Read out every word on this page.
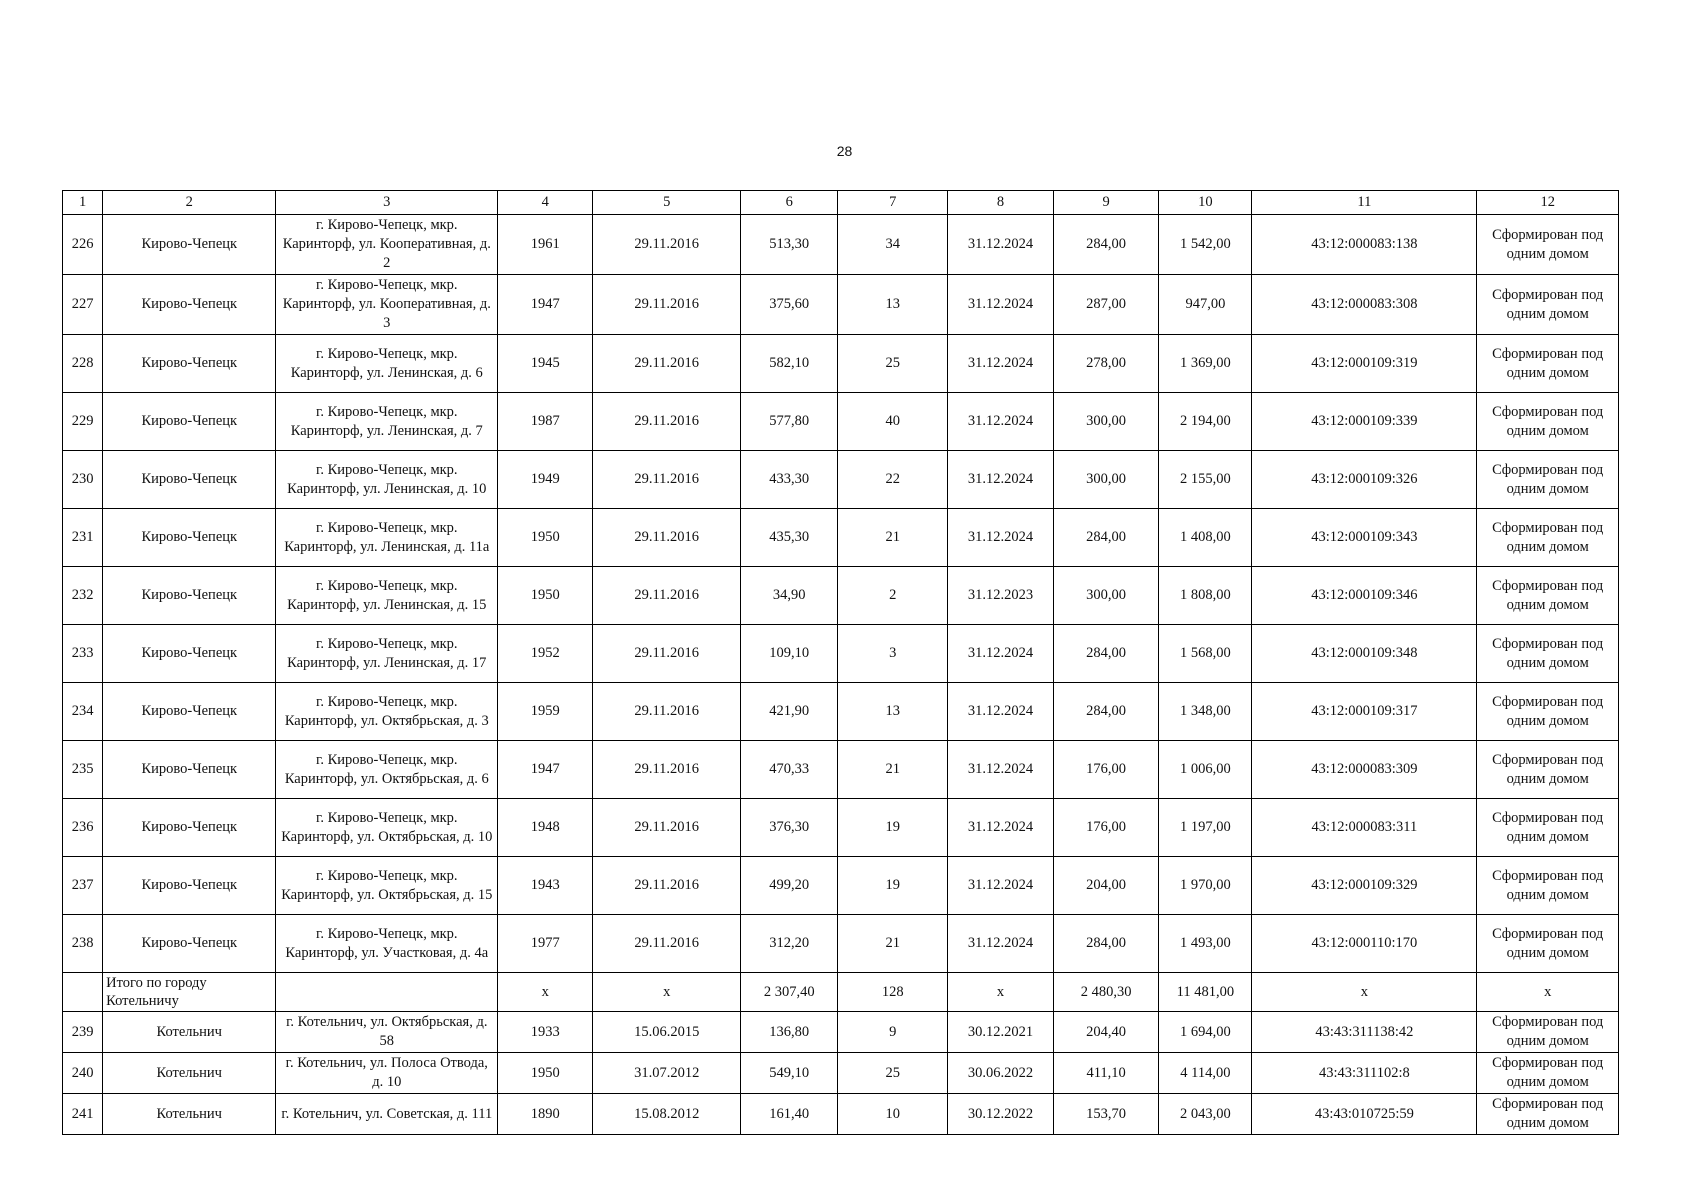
28
1	2	3	4	5	6	7	8	9	10	11	12
226	Кирово-Чепецк	г. Кирово-Чепецк, мкр. Каринторф, ул. Кооперативная, д. 2	1961	29.11.2016	513,30	34	31.12.2024	284,00	1 542,00	43:12:000083:138	Сформирован под одним домом
227	Кирово-Чепецк	г. Кирово-Чепецк, мкр. Каринторф, ул. Кооперативная, д. 3	1947	29.11.2016	375,60	13	31.12.2024	287,00	947,00	43:12:000083:308	Сформирован под одним домом
228	Кирово-Чепецк	г. Кирово-Чепецк, мкр. Каринторф, ул. Ленинская, д. 6	1945	29.11.2016	582,10	25	31.12.2024	278,00	1 369,00	43:12:000109:319	Сформирован под одним домом
229	Кирово-Чепецк	г. Кирово-Чепецк, мкр. Каринторф, ул. Ленинская, д. 7	1987	29.11.2016	577,80	40	31.12.2024	300,00	2 194,00	43:12:000109:339	Сформирован под одним домом
230	Кирово-Чепецк	г. Кирово-Чепецк, мкр. Каринторф, ул. Ленинская, д. 10	1949	29.11.2016	433,30	22	31.12.2024	300,00	2 155,00	43:12:000109:326	Сформирован под одним домом
231	Кирово-Чепецк	г. Кирово-Чепецк, мкр. Каринторф, ул. Ленинская, д. 11а	1950	29.11.2016	435,30	21	31.12.2024	284,00	1 408,00	43:12:000109:343	Сформирован под одним домом
232	Кирово-Чепецк	г. Кирово-Чепецк, мкр. Каринторф, ул. Ленинская, д. 15	1950	29.11.2016	34,90	2	31.12.2023	300,00	1 808,00	43:12:000109:346	Сформирован под одним домом
233	Кирово-Чепецк	г. Кирово-Чепецк, мкр. Каринторф, ул. Ленинская, д. 17	1952	29.11.2016	109,10	3	31.12.2024	284,00	1 568,00	43:12:000109:348	Сформирован под одним домом
234	Кирово-Чепецк	г. Кирово-Чепецк, мкр. Каринторф, ул. Октябрьская, д. 3	1959	29.11.2016	421,90	13	31.12.2024	284,00	1 348,00	43:12:000109:317	Сформирован под одним домом
235	Кирово-Чепецк	г. Кирово-Чепецк, мкр. Каринторф, ул. Октябрьская, д. 6	1947	29.11.2016	470,33	21	31.12.2024	176,00	1 006,00	43:12:000083:309	Сформирован под одним домом
236	Кирово-Чепецк	г. Кирово-Чепецк, мкр. Каринторф, ул. Октябрьская, д. 10	1948	29.11.2016	376,30	19	31.12.2024	176,00	1 197,00	43:12:000083:311	Сформирован под одним домом
237	Кирово-Чепецк	г. Кирово-Чепецк, мкр. Каринторф, ул. Октябрьская, д. 15	1943	29.11.2016	499,20	19	31.12.2024	204,00	1 970,00	43:12:000109:329	Сформирован под одним домом
238	Кирово-Чепецк	г. Кирово-Чепецк, мкр. Каринторф, ул. Участковая, д. 4а	1977	29.11.2016	312,20	21	31.12.2024	284,00	1 493,00	43:12:000110:170	Сформирован под одним домом
	Итого по городу Котельничу		х	х	2 307,40	128	х	2 480,30	11 481,00	х	х
239	Котельнич	г. Котельнич, ул. Октябрьская, д. 58	1933	15.06.2015	136,80	9	30.12.2021	204,40	1 694,00	43:43:311138:42	Сформирован под одним домом
240	Котельнич	г. Котельнич, ул. Полоса Отвода, д. 10	1950	31.07.2012	549,10	25	30.06.2022	411,10	4 114,00	43:43:311102:8	Сформирован под одним домом
241	Котельнич	г. Котельнич, ул. Советская, д. 111	1890	15.08.2012	161,40	10	30.12.2022	153,70	2 043,00	43:43:010725:59	Сформирован под одним домом
